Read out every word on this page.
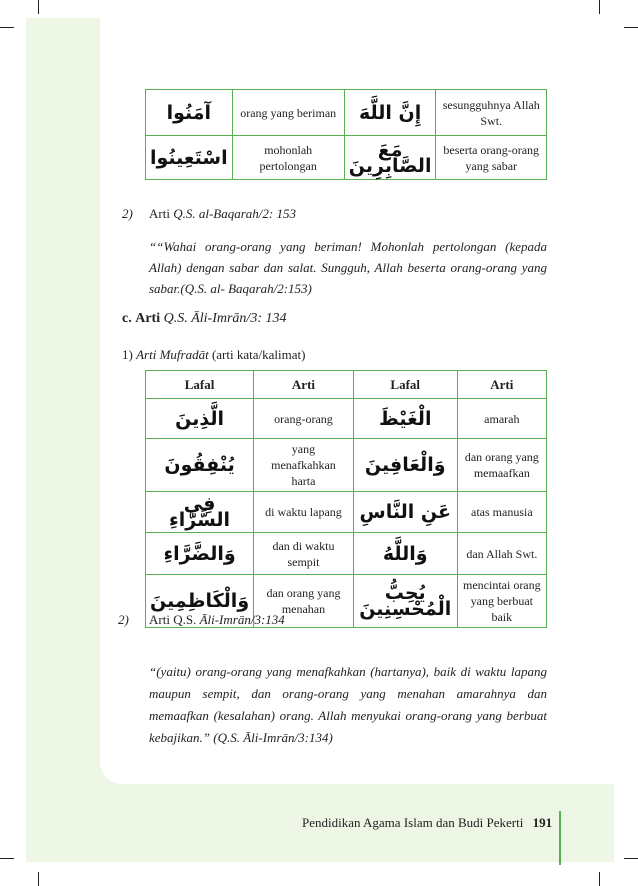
آمَنُوا	orang yang beriman	إِنَّ اللَّهَ	sesungguhnya Allah Swt.
اسْتَعِينُوا	mohonlah pertolongan	مَعَ الصَّابِرِينَ	beserta orang-orang yang sabar
2) Arti Q.S. al-Baqarah/2: 153
““Wahai orang-orang yang beriman! Mohonlah pertolongan (kepada Allah) dengan sabar dan salat. Sungguh, Allah beserta orang-orang yang sabar.(Q.S. al- Baqarah/2:153)
c. Arti Q.S. Āli-Imrān/3: 134
1) Arti Mufradāt (arti kata/kalimat)
Lafal	Arti	Lafal	Arti
الَّذِينَ	orang-orang	الْغَيْظَ	amarah
يُنْفِقُونَ	yang menafkahkan harta	وَالْعَافِينَ	dan orang yang memaafkan
فِي السَّرَّاءِ	di waktu lapang	عَنِ النَّاسِ	atas manusia
وَالضَّرَّاءِ	dan di waktu sempit	وَاللَّهُ	dan Allah Swt.
وَالْكَاظِمِينَ	dan orang yang menahan	يُحِبُّ الْمُحْسِنِينَ	mencintai orang yang berbuat baik
2) Arti Q.S. Āli-Imrān/3:134
“(yaitu) orang-orang yang menafkahkan (hartanya), baik di waktu lapang maupun sempit, dan orang-orang yang menahan amarahnya dan memaafkan (kesalahan) orang. Allah menyukai orang-orang yang berbuat kebajikan.” (Q.S. Āli-Imrān/3:134)
Pendidikan Agama Islam dan Budi Pekerti 191
